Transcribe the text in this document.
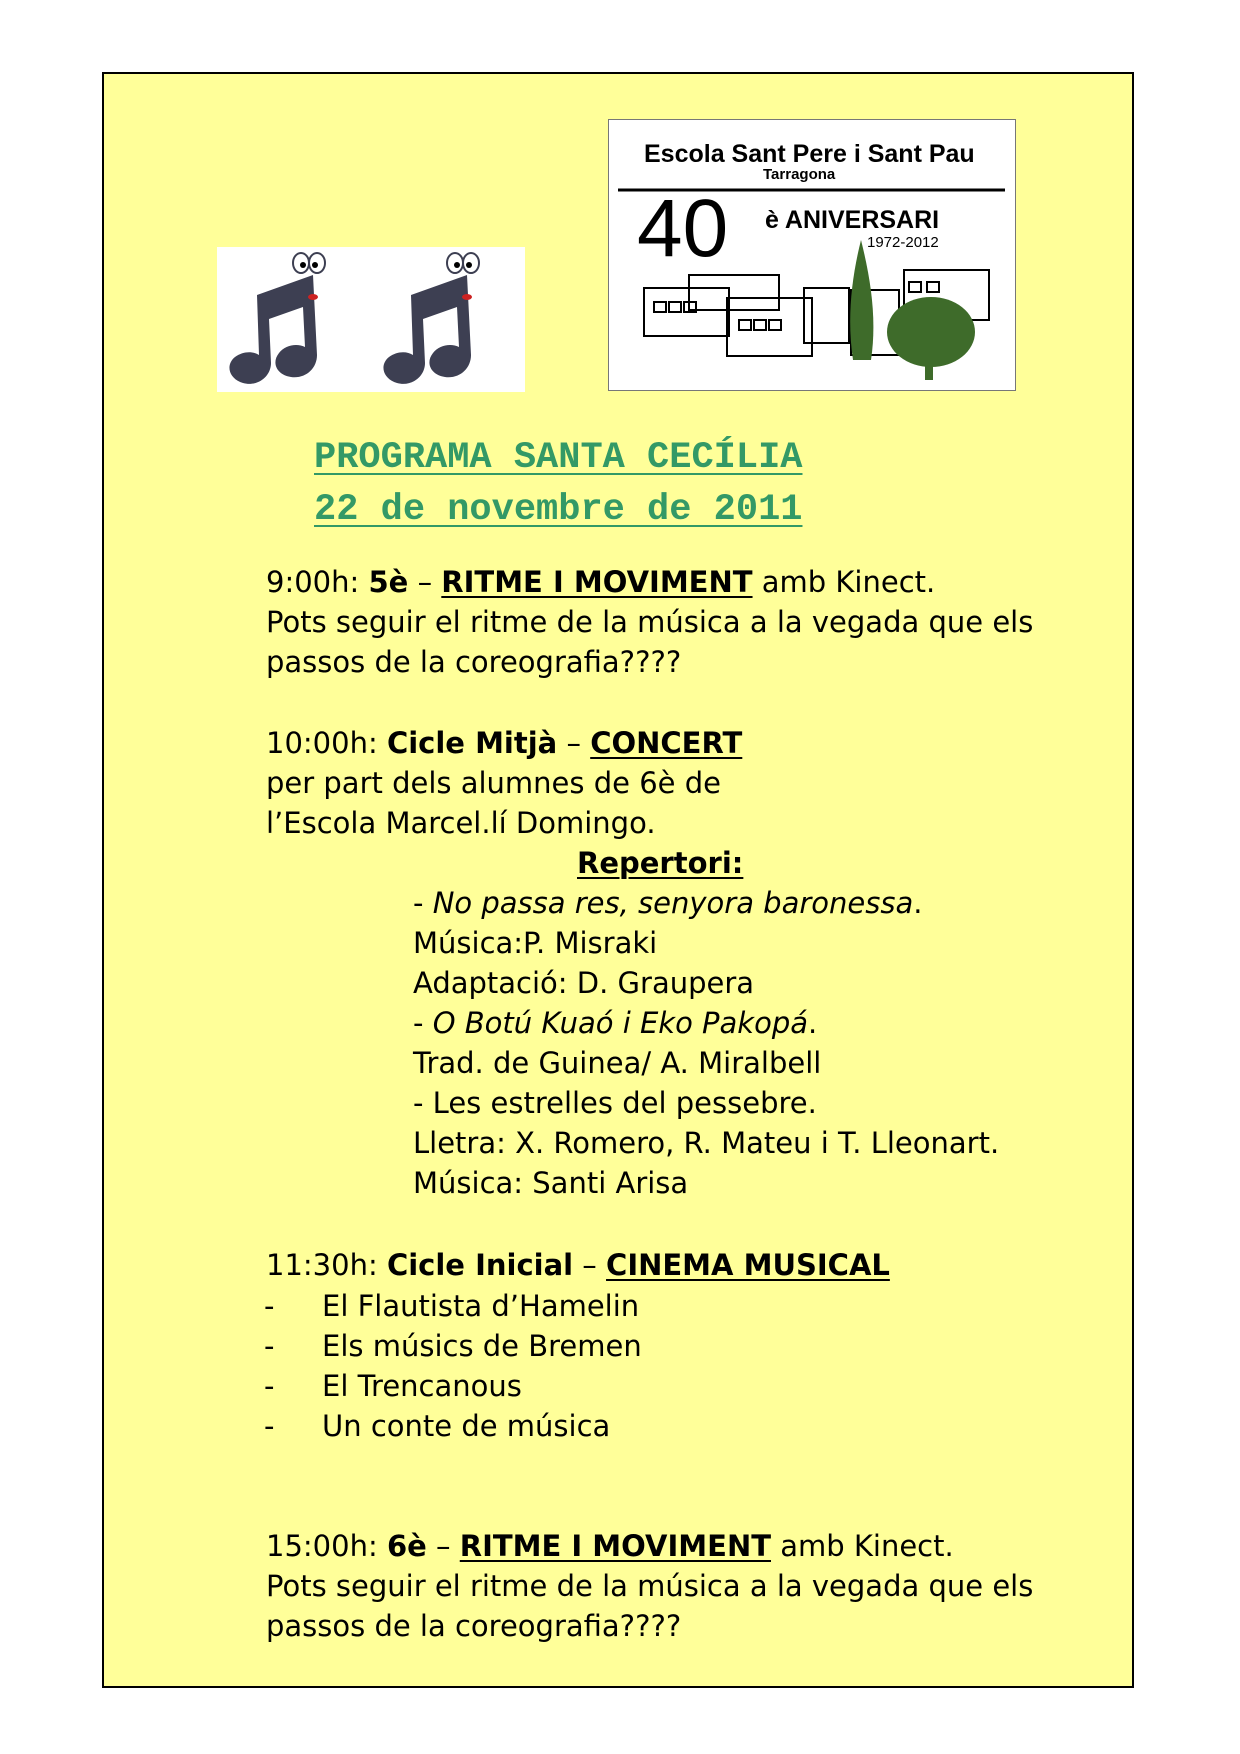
Escola Sant Pere i Sant Pau
Tarragona
40 è ANIVERSARI
1972-2012
PROGRAMA SANTA CECÍLIA
22 de novembre de 2011
9:00h: 5è – RITME I MOVIMENT amb Kinect.
Pots seguir el ritme de la música a la vegada que els
passos de la coreografia????
10:00h: Cicle Mitjà – CONCERT
per part dels alumnes de 6è de
l’Escola Marcel.lí Domingo.
Repertori:
- No passa res, senyora baronessa.
Música:P. Misraki
Adaptació: D. Graupera
- O Botú Kuaó i Eko Pakopá.
Trad. de Guinea/ A. Miralbell
- Les estrelles del pessebre.
Lletra: X. Romero, R. Mateu i T. Lleonart.
Música: Santi Arisa
11:30h: Cicle Inicial – CINEMA MUSICAL
- El Flautista d’Hamelin
- Els músics de Bremen
- El Trencanous
- Un conte de música
15:00h: 6è – RITME I MOVIMENT amb Kinect.
Pots seguir el ritme de la música a la vegada que els
passos de la coreografia????
